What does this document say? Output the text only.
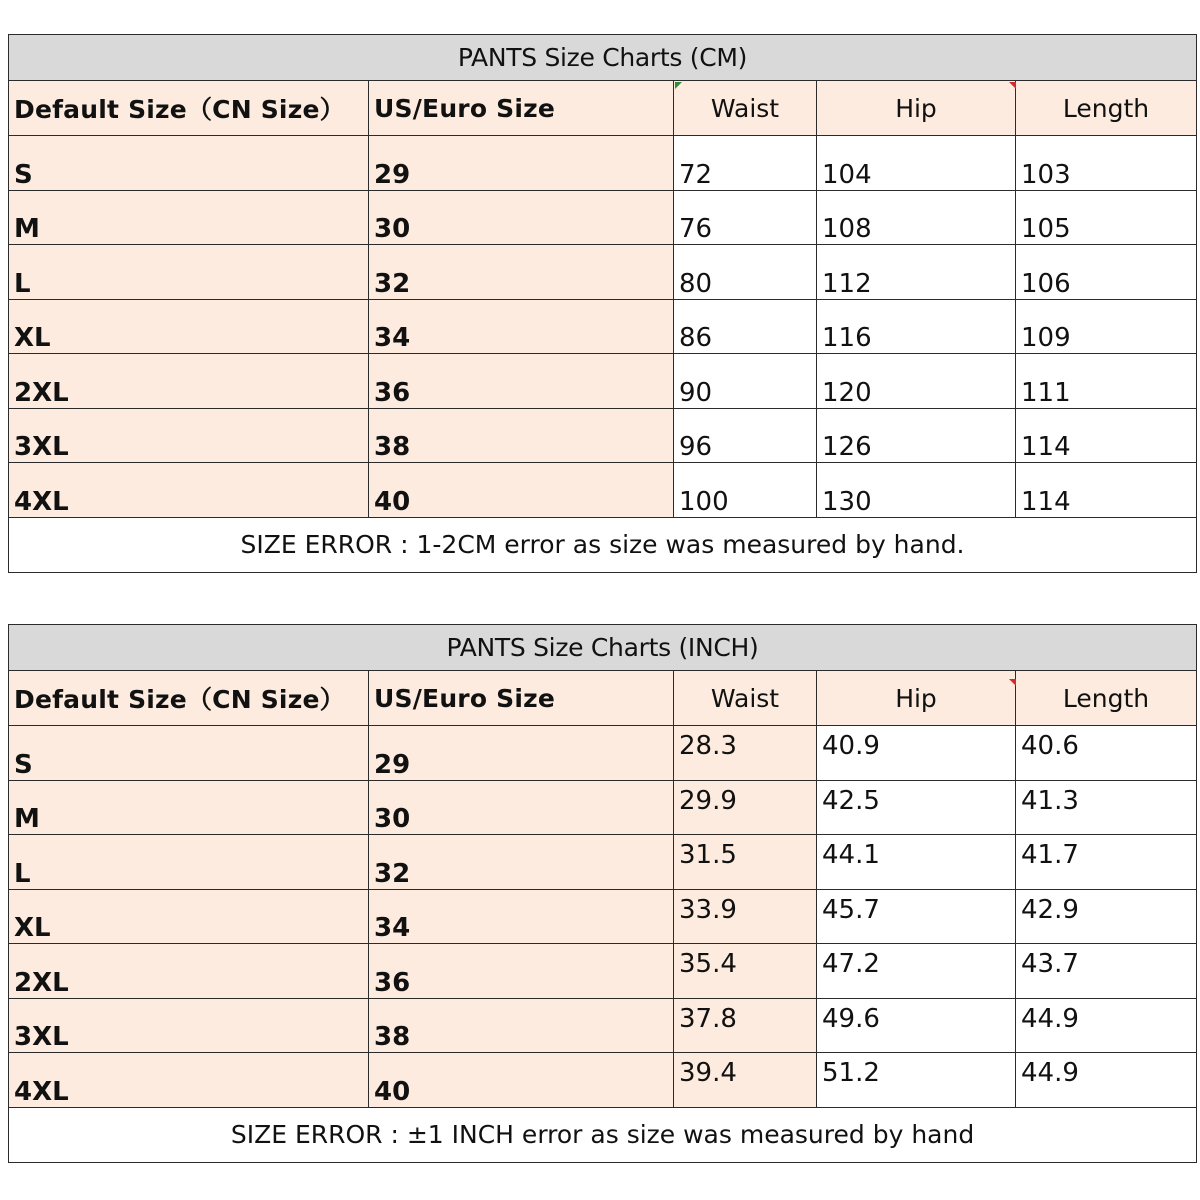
PANTS Size Charts (CM)				
Default Size（CN Size）	US/Euro Size	Waist	Hip	Length
S	29	72	104	103
M	30	76	108	105
L	32	80	112	106
XL	34	86	116	109
2XL	36	90	120	111
3XL	38	96	126	114
4XL	40	100	130	114
SIZE ERROR : 1-2CM error as size was measured by hand.				
PANTS Size Charts (INCH)				
Default Size（CN Size）	US/Euro Size	Waist	Hip	Length
S	29	28.3	40.9	40.6
M	30	29.9	42.5	41.3
L	32	31.5	44.1	41.7
XL	34	33.9	45.7	42.9
2XL	36	35.4	47.2	43.7
3XL	38	37.8	49.6	44.9
4XL	40	39.4	51.2	44.9
SIZE ERROR : ±1 INCH error as size was measured by hand				
